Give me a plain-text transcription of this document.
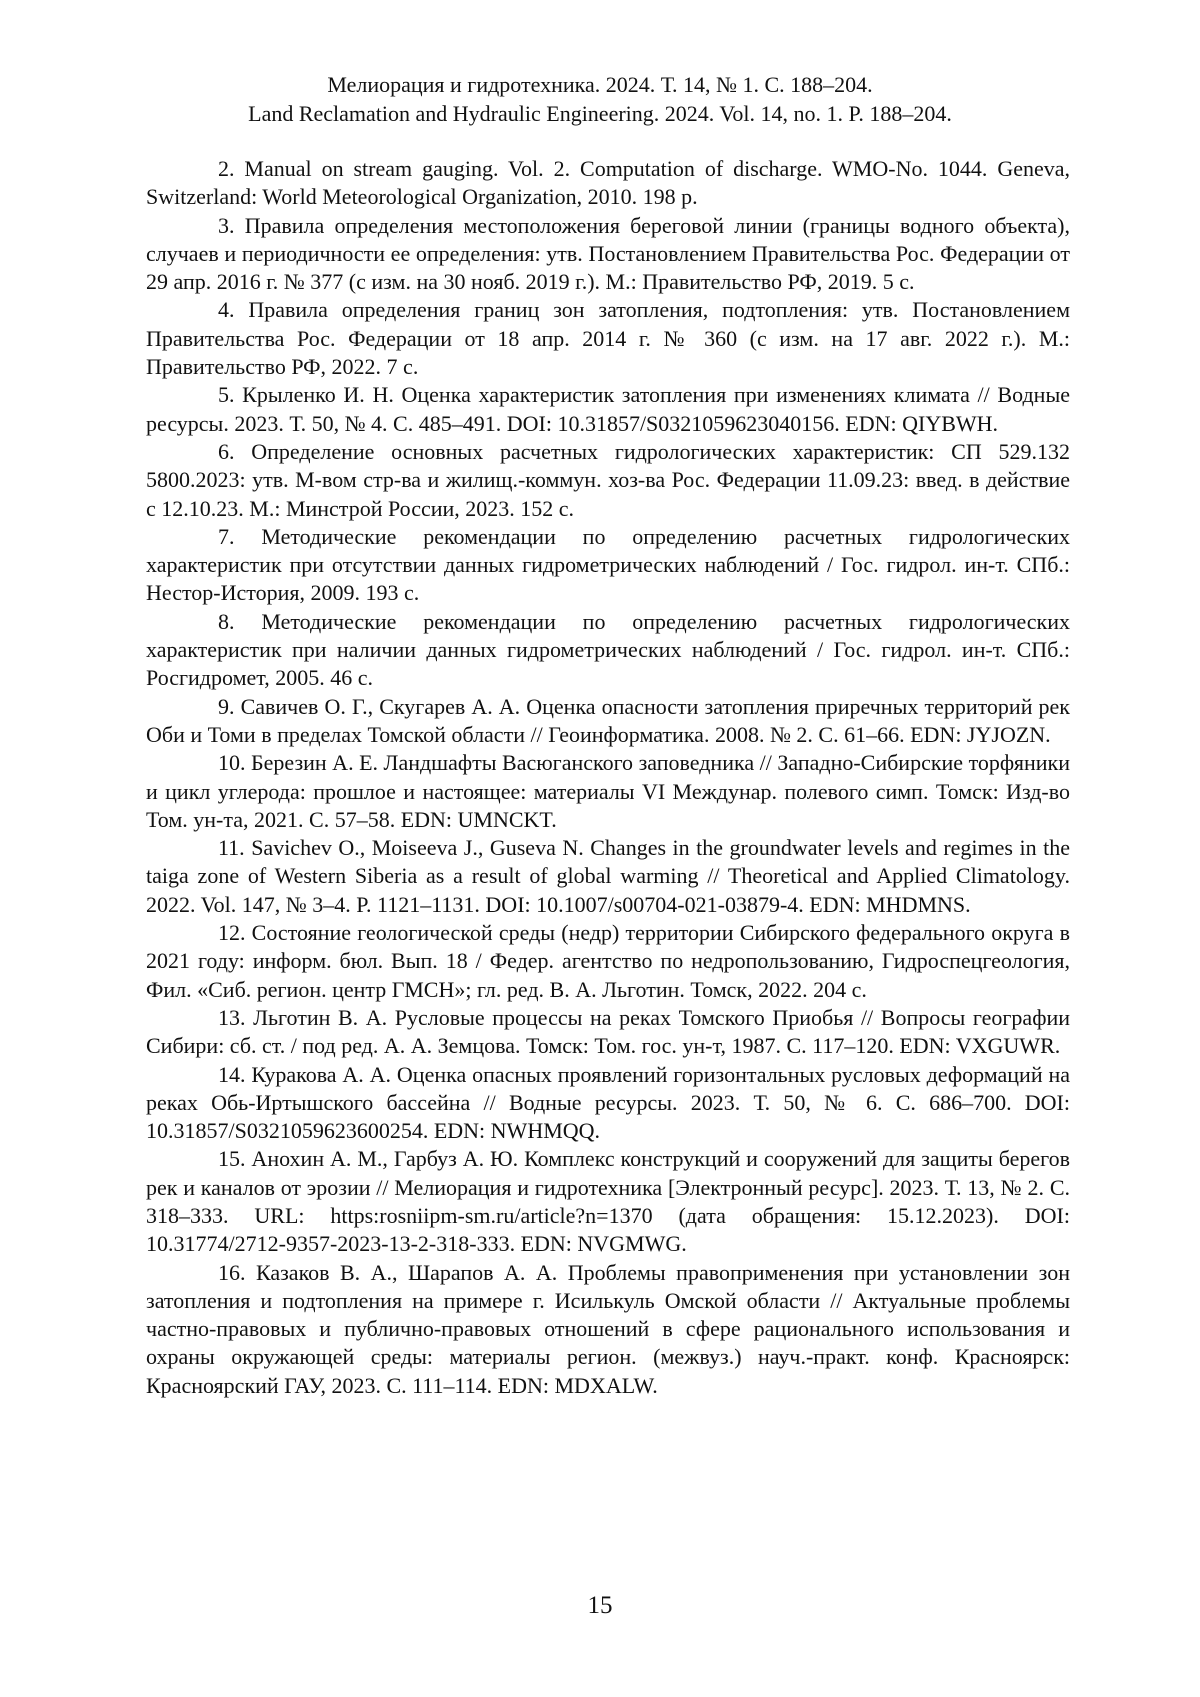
Мелиорация и гидротехника. 2024. Т. 14, № 1. С. 188–204.
Land Reclamation and Hydraulic Engineering. 2024. Vol. 14, no. 1. P. 188–204.

2. Manual on stream gauging. Vol. 2. Computation of discharge. WMO-No. 1044. Geneva, Switzerland: World Meteorological Organization, 2010. 198 p.

3. Правила определения местоположения береговой линии (границы водного объекта), случаев и периодичности ее определения: утв. Постановлением Правительства Рос. Федерации от 29 апр. 2016 г. № 377 (с изм. на 30 нояб. 2019 г.). М.: Правительство РФ, 2019. 5 с.

4. Правила определения границ зон затопления, подтопления: утв. Постановлением Правительства Рос. Федерации от 18 апр. 2014 г. № 360 (с изм. на 17 авг. 2022 г.). М.: Правительство РФ, 2022. 7 с.

5. Крыленко И. Н. Оценка характеристик затопления при изменениях климата // Водные ресурсы. 2023. Т. 50, № 4. С. 485–491. DOI: 10.31857/S0321059623040156. EDN: QIYBWH.

6. Определение основных расчетных гидрологических характеристик: СП 529.132 5800.2023: утв. М-вом стр-ва и жилищ.-коммун. хоз-ва Рос. Федерации 11.09.23: введ. в действие с 12.10.23. М.: Минстрой России, 2023. 152 с.

7. Методические рекомендации по определению расчетных гидрологических характеристик при отсутствии данных гидрометрических наблюдений / Гос. гидрол. ин-т. СПб.: Нестор-История, 2009. 193 с.

8. Методические рекомендации по определению расчетных гидрологических характеристик при наличии данных гидрометрических наблюдений / Гос. гидрол. ин-т. СПб.: Росгидромет, 2005. 46 с.

9. Савичев О. Г., Скугарев А. А. Оценка опасности затопления приречных территорий рек Оби и Томи в пределах Томской области // Геоинформатика. 2008. № 2. С. 61–66. EDN: JYJOZN.

10. Березин А. Е. Ландшафты Васюганского заповедника // Западно-Сибирские торфяники и цикл углерода: прошлое и настоящее: материалы VI Междунар. полевого симп. Томск: Изд-во Том. ун-та, 2021. С. 57–58. EDN: UMNCKT.

11. Savichev O., Moiseeva J., Guseva N. Changes in the groundwater levels and regimes in the taiga zone of Western Siberia as a result of global warming // Theoretical and Applied Climatology. 2022. Vol. 147, № 3–4. P. 1121–1131. DOI: 10.1007/s00704-021-03879-4. EDN: MHDMNS.

12. Состояние геологической среды (недр) территории Сибирского федерального округа в 2021 году: информ. бюл. Вып. 18 / Федер. агентство по недропользованию, Гидроспецгеология, Фил. «Сиб. регион. центр ГМСН»; гл. ред. В. А. Льготин. Томск, 2022. 204 с.

13. Льготин В. А. Русловые процессы на реках Томского Приобья // Вопросы географии Сибири: сб. ст. / под ред. А. А. Земцова. Томск: Том. гос. ун-т, 1987. С. 117–120. EDN: VXGUWR.

14. Куракова А. А. Оценка опасных проявлений горизонтальных русловых деформаций на реках Обь-Иртышского бассейна // Водные ресурсы. 2023. Т. 50, № 6. С. 686–700. DOI: 10.31857/S0321059623600254. EDN: NWHMQQ.

15. Анохин А. М., Гарбуз А. Ю. Комплекс конструкций и сооружений для защиты берегов рек и каналов от эрозии // Мелиорация и гидротехника [Электронный ресурс]. 2023. Т. 13, № 2. С. 318–333. URL: https:rosniipm-sm.ru/article?n=1370 (дата обращения: 15.12.2023). DOI: 10.31774/2712-9357-2023-13-2-318-333. EDN: NVGMWG.

16. Казаков В. А., Шарапов А. А. Проблемы правоприменения при установлении зон затопления и подтопления на примере г. Исилькуль Омской области // Актуальные проблемы частно-правовых и публично-правовых отношений в сфере рационального использования и охраны окружающей среды: материалы регион. (межвуз.) науч.-практ. конф. Красноярск: Красноярский ГАУ, 2023. С. 111–114. EDN: MDXALW.

15
